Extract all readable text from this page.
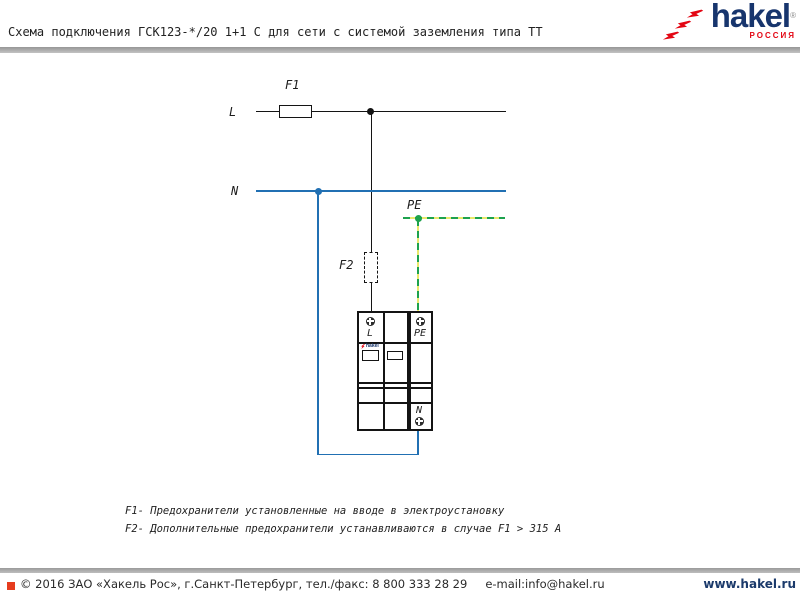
Схема подключения ГСК123-*/20 1+1 C для сети с системой заземления типа TT	hakel®
РОССИЯ
L
F1
N
PE
F2
L	PE
hakel
N
F1- Предохранители установленные на вводе в электроустановку
F2- Дополнительные предохранители устанавливаются в случае F1 > 315 А
© 2016 ЗАО «Хакель Рос», г.Санкт-Петербург, тел./факс: 8 800 333 28 29 e-mail:info@hakel.ru	www.hakel.ru
